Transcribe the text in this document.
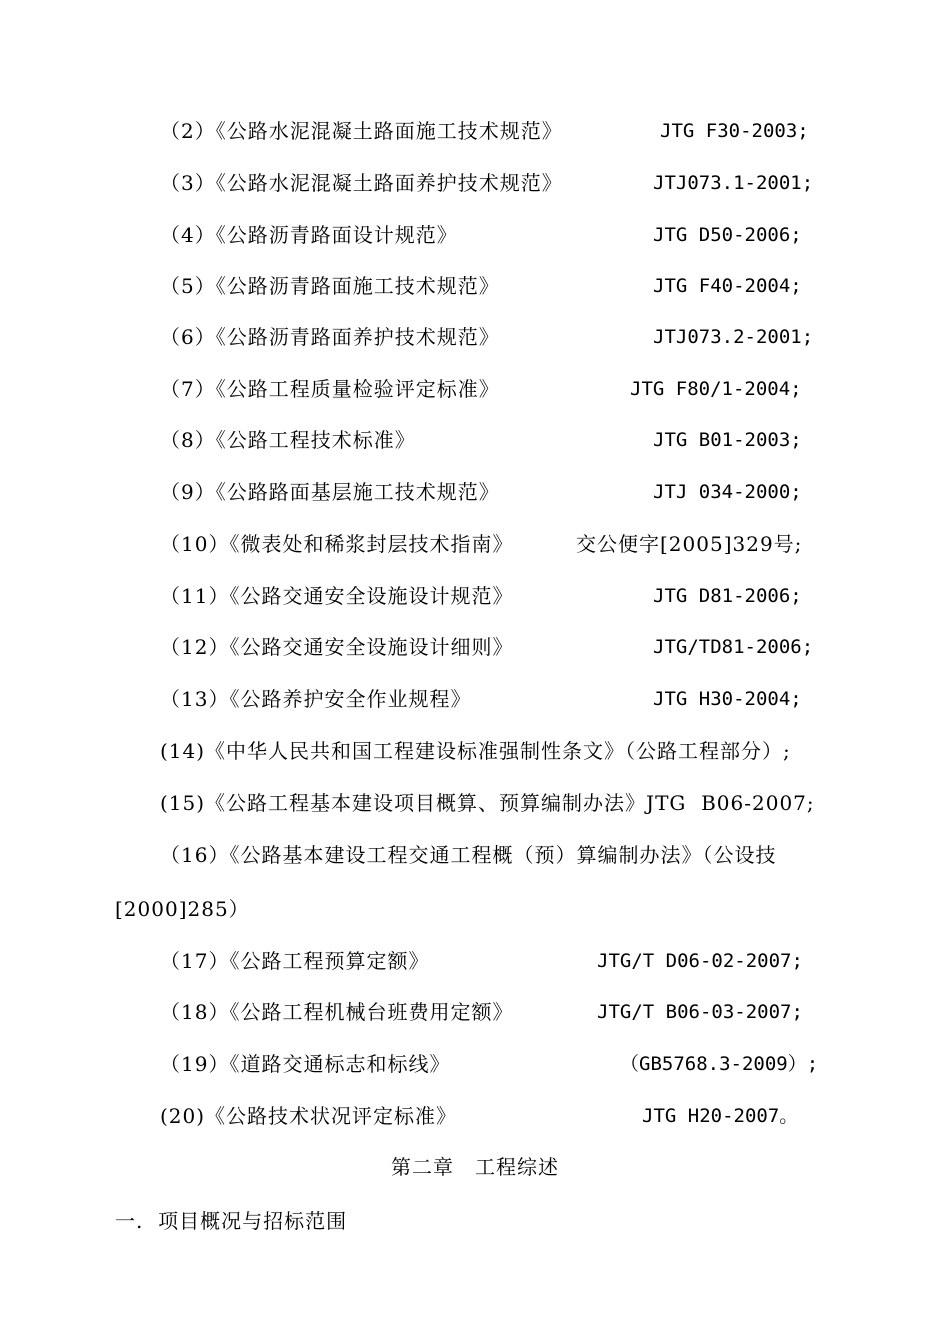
（2）《公路水泥混凝土路面施工技术规范》	JTG F30-2003;
（3）《公路水泥混凝土路面养护技术规范》	JTJ073.1-2001;
（4）《公路沥青路面设计规范》	JTG D50-2006;
（5）《公路沥青路面施工技术规范》	JTG F40-2004;
（6）《公路沥青路面养护技术规范》	JTJ073.2-2001;
（7）《公路工程质量检验评定标准》	JTG F80/1-2004;
（8）《公路工程技术标准》	JTG B01-2003;
（9）《公路路面基层施工技术规范》	JTJ 034-2000;
（10）《微表处和稀浆封层技术指南》	交公便字[2005]329号;
（11）《公路交通安全设施设计规范》	JTG D81-2006;
（12）《公路交通安全设施设计细则》	JTG/TD81-2006;
（13）《公路养护安全作业规程》	JTG H30-2004;
(14)《中华人民共和国工程建设标准强制性条文》（公路工程部分）;
(15)《公路工程基本建设项目概算、预算编制办法》JTG  B06-2007;
（16）《公路基本建设工程交通工程概（预）算编制办法》（公设技
[2000]285）
（17）《公路工程预算定额》	JTG/T D06-02-2007;
（18）《公路工程机械台班费用定额》	JTG/T B06-03-2007;
（19）《道路交通标志和标线》	（GB5768.3-2009）;
(20)《公路技术状况评定标准》	JTG H20-2007。
第二章　工程综述
一.  项目概况与招标范围
